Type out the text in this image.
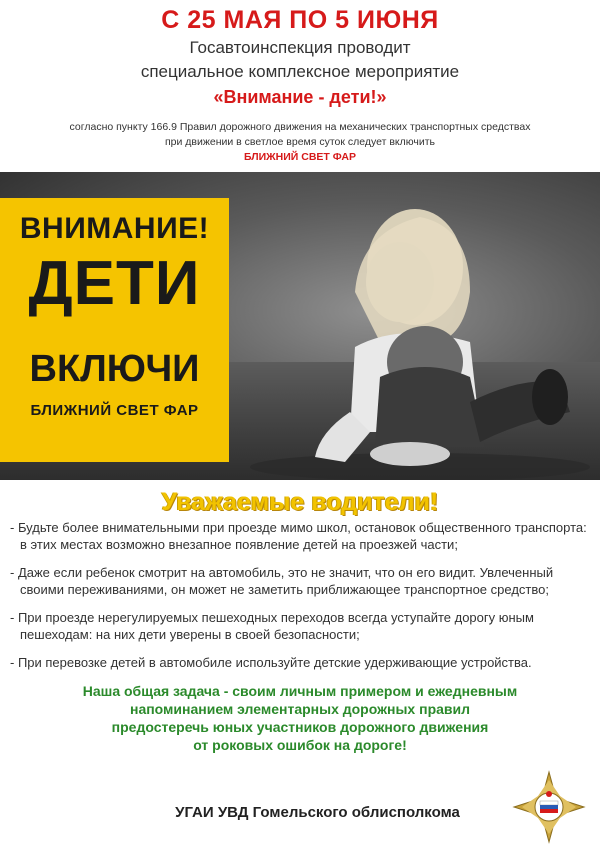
С 25 МАЯ ПО 5 ИЮНЯ
Госавтоинспекция проводит
специальное комплексное мероприятие
«Внимание - дети!»
согласно пункту 166.9 Правил дорожного движения на механических транспортных средствах
при движении в светлое время суток следует включить
БЛИЖНИЙ СВЕТ ФАР
ВНИМАНИЕ!
ДЕТИ
ВКЛЮЧИ
БЛИЖНИЙ СВЕТ ФАР
Уважаемые водители!
- Будьте более внимательными при проезде мимо школ, остановок общественного транспорта: в этих местах возможно внезапное появление детей на проезжей части;
- Даже если ребенок смотрит на автомобиль, это не значит, что он его видит. Увлеченный своими переживаниями, он может не заметить приближающее транспортное средство;
- При проезде нерегулируемых пешеходных переходов всегда уступайте дорогу юным пешеходам: на них дети уверены в своей безопасности;
- При перевозке детей в автомобиле используйте детские удерживающие устройства.
Наша общая задача - своим личным примером и ежедневным
напоминанием элементарных дорожных правил
предостеречь юных участников дорожного движения
от роковых ошибок на дороге!
УГАИ УВД Гомельского облисполкома
